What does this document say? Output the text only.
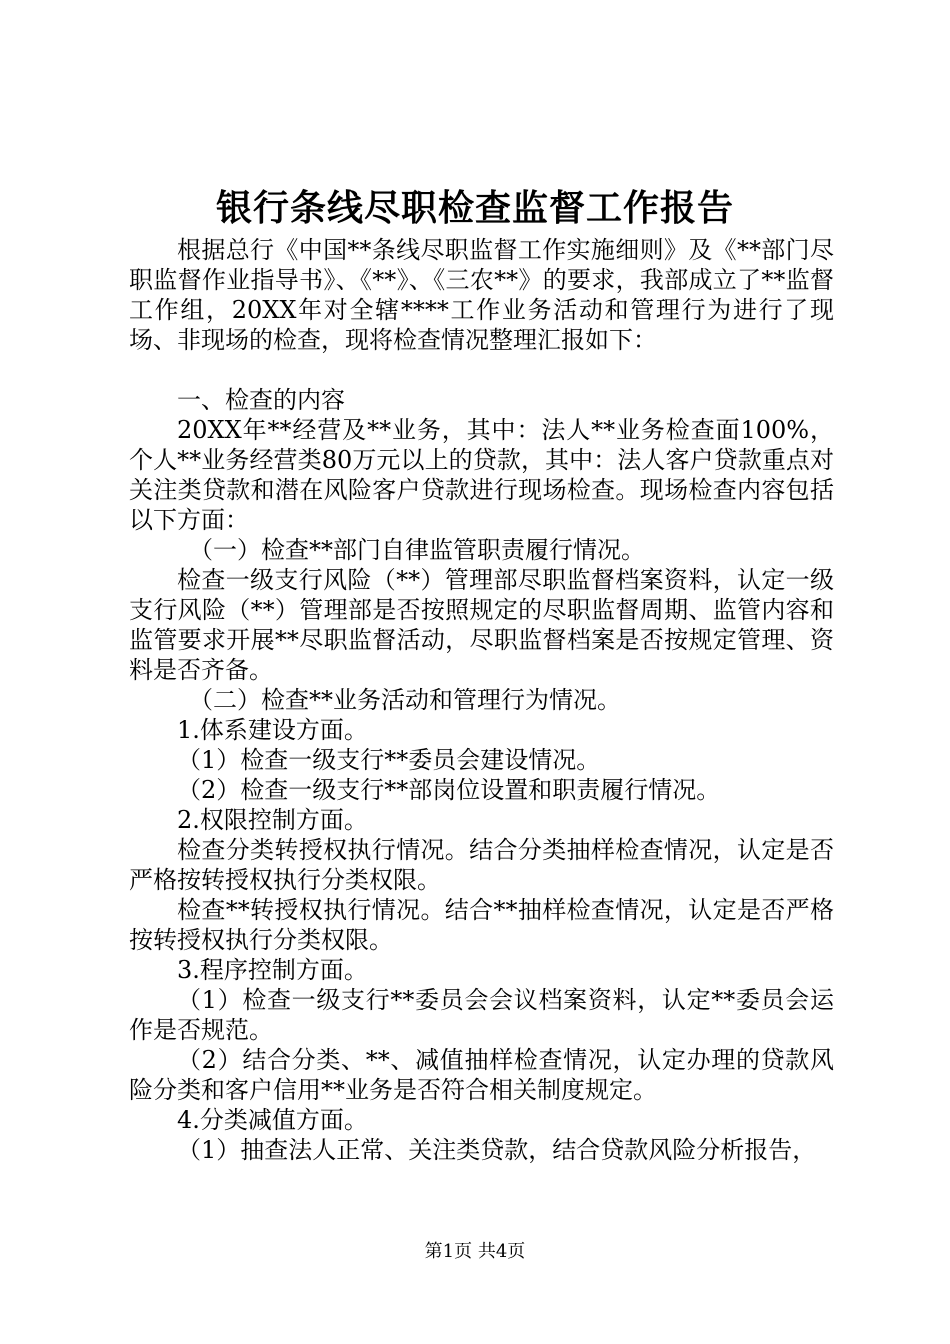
银行条线尽职检查监督工作报告

根据总行《中国**条线尽职监督工作实施细则》及《**部门尽职监督作业指导书》、《**》、《三农**》的要求，我部成立了**监督工作组，20XX年对全辖****工作业务活动和管理行为进行了现场、非现场的检查，现将检查情况整理汇报如下：

一、检查的内容

20XX年**经营及**业务，其中：法人**业务检查面100%，个人**业务经营类80万元以上的贷款，其中：法人客户贷款重点对关注类贷款和潜在风险客户贷款进行现场检查。现场检查内容包括以下方面：

（一）检查**部门自律监管职责履行情况。

检查一级支行风险（**）管理部尽职监督档案资料，认定一级支行风险（**）管理部是否按照规定的尽职监督周期、监管内容和监管要求开展**尽职监督活动，尽职监督档案是否按规定管理、资料是否齐备。

（二）检查**业务活动和管理行为情况。

1.体系建设方面。

（1）检查一级支行**委员会建设情况。

（2）检查一级支行**部岗位设置和职责履行情况。

2.权限控制方面。

检查分类转授权执行情况。结合分类抽样检查情况，认定是否严格按转授权执行分类权限。

检查**转授权执行情况。结合**抽样检查情况，认定是否严格按转授权执行分类权限。

3.程序控制方面。

（1）检查一级支行**委员会会议档案资料，认定**委员会运作是否规范。

（2）结合分类、**、减值抽样检查情况，认定办理的贷款风险分类和客户信用**业务是否符合相关制度规定。

4.分类减值方面。

（1）抽查法人正常、关注类贷款，结合贷款风险分析报告，

第1页 共4页
